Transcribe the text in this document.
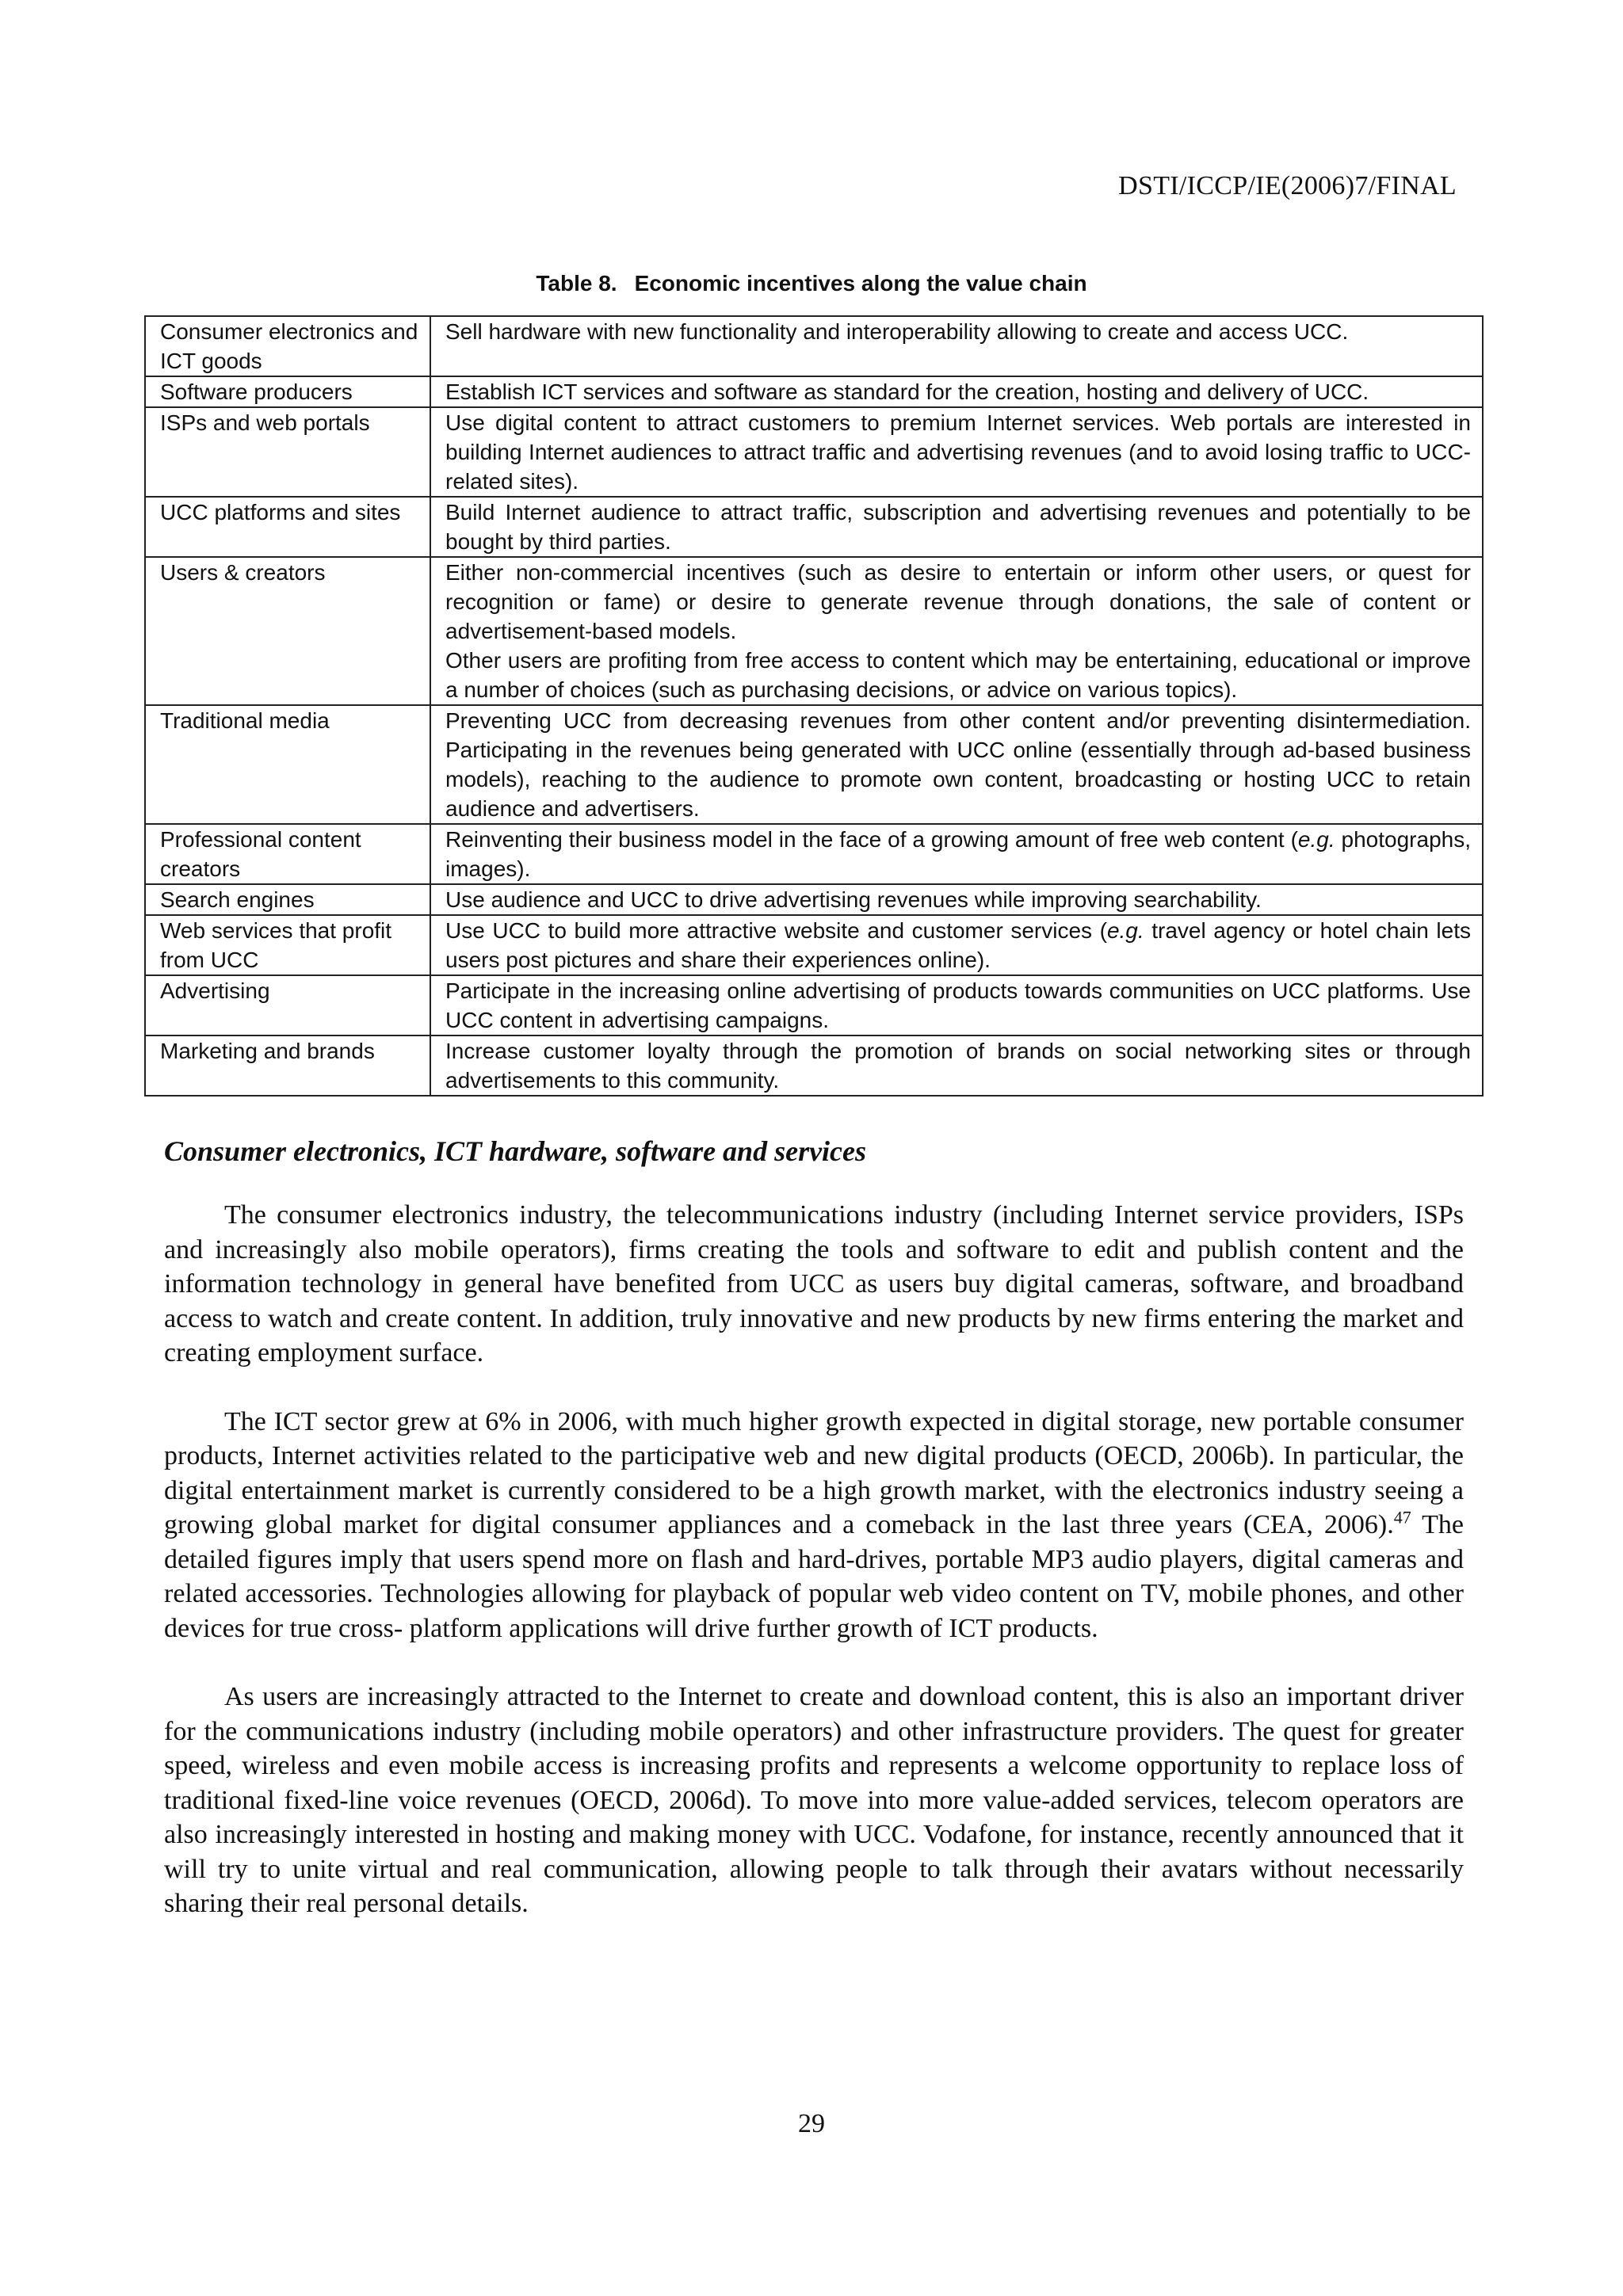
DSTI/ICCP/IE(2006)7/FINAL
Table 8. Economic incentives along the value chain
Consumer electronics and ICT goods	Sell hardware with new functionality and interoperability allowing to create and access UCC.
Software producers	Establish ICT services and software as standard for the creation, hosting and delivery of UCC.
ISPs and web portals	Use digital content to attract customers to premium Internet services. Web portals are interested in building Internet audiences to attract traffic and advertising revenues (and to avoid losing traffic to UCC-related sites).
UCC platforms and sites	Build Internet audience to attract traffic, subscription and advertising revenues and potentially to be bought by third parties.
Users & creators	Either non-commercial incentives (such as desire to entertain or inform other users, or quest for recognition or fame) or desire to generate revenue through donations, the sale of content or advertisement-based models.
Other users are profiting from free access to content which may be entertaining, educational or improve a number of choices (such as purchasing decisions, or advice on various topics).

Traditional media	Preventing UCC from decreasing revenues from other content and/or preventing disintermediation. Participating in the revenues being generated with UCC online (essentially through ad-based business models), reaching to the audience to promote own content, broadcasting or hosting UCC to retain audience and advertisers.
Professional content creators	Reinventing their business model in the face of a growing amount of free web content (e.g. photographs, images).
Search engines	Use audience and UCC to drive advertising revenues while improving searchability.
Web services that profit from UCC	Use UCC to build more attractive website and customer services (e.g. travel agency or hotel chain lets users post pictures and share their experiences online).
Advertising	Participate in the increasing online advertising of products towards communities on UCC platforms. Use UCC content in advertising campaigns.
Marketing and brands	Increase customer loyalty through the promotion of brands on social networking sites or through advertisements to this community.
Consumer electronics, ICT hardware, software and services

The consumer electronics industry, the telecommunications industry (including Internet service providers, ISPs and increasingly also mobile operators), firms creating the tools and software to edit and publish content and the information technology in general have benefited from UCC as users buy digital cameras, software, and broadband access to watch and create content. In addition, truly innovative and new products by new firms entering the market and creating employment surface.

The ICT sector grew at 6% in 2006, with much higher growth expected in digital storage, new portable consumer products, Internet activities related to the participative web and new digital products (OECD, 2006b). In particular, the digital entertainment market is currently considered to be a high growth market, with the electronics industry seeing a growing global market for digital consumer appliances and a comeback in the last three years (CEA, 2006).$^{47}$ The detailed figures imply that users spend more on flash and hard-drives, portable MP3 audio players, digital cameras and related accessories. Technologies allowing for playback of popular web video content on TV, mobile phones, and other devices for true cross- platform applications will drive further growth of ICT products.

As users are increasingly attracted to the Internet to create and download content, this is also an important driver for the communications industry (including mobile operators) and other infrastructure providers. The quest for greater speed, wireless and even mobile access is increasing profits and represents a welcome opportunity to replace loss of traditional fixed-line voice revenues (OECD, 2006d). To move into more value-added services, telecom operators are also increasingly interested in hosting and making money with UCC. Vodafone, for instance, recently announced that it will try to unite virtual and real communication, allowing people to talk through their avatars without necessarily sharing their real personal details.

29
